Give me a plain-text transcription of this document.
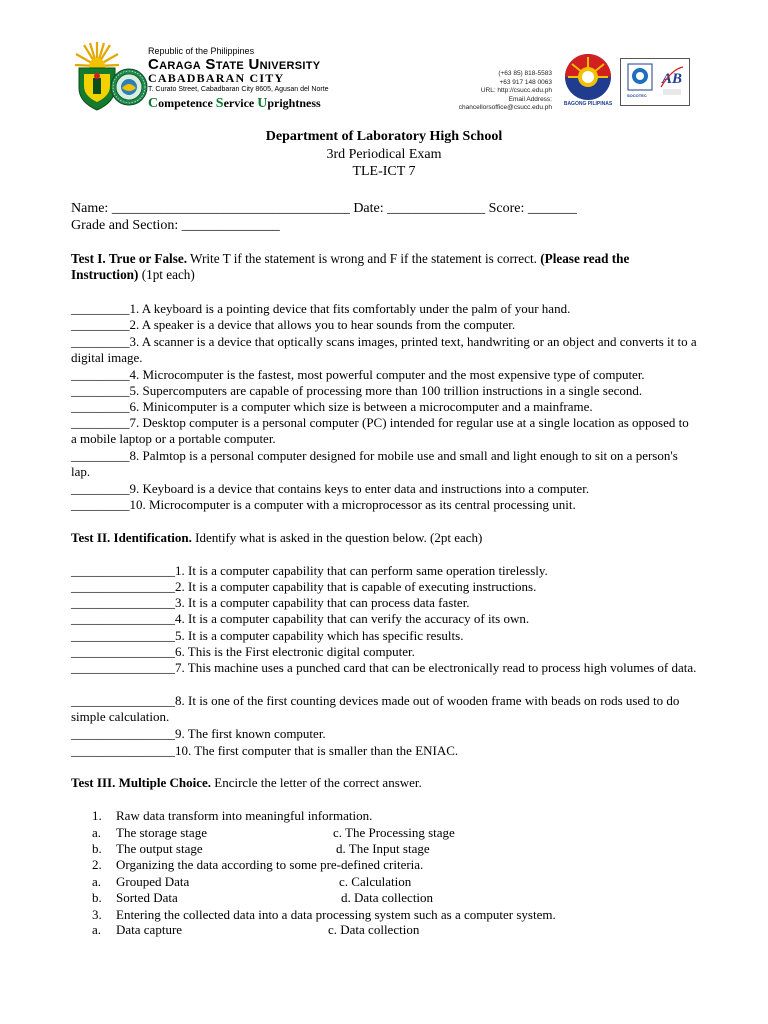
Republic of the Philippines
Caraga State University
CABADBARAN CITY
T. Curato Street, Cabadbaran City 8605, Agusan del Norte
Competence Service Uprightness
(+63 85) 818-5583
+63 917 148 0063
URL: http://csucc.edu.ph
Email Address: chancellorsoffice@csucc.edu.ph
BAGONG PILIPINAS
SOCOTEC
AB
Department of Laboratory High School
3rd Periodical Exam
TLE-ICT 7
Name: __________________________________ Date: ______________ Score: _______
Grade and Section: ______________
Test I. True or False. Write T if the statement is wrong and F if the statement is correct. (Please read the Instruction) (1pt each)
_________1. A keyboard is a pointing device that fits comfortably under the palm of your hand.
_________2. A speaker is a device that allows you to hear sounds from the computer.
_________3. A scanner is a device that optically scans images, printed text, handwriting or an object and converts it to a digital image.
_________4. Microcomputer is the fastest, most powerful computer and the most expensive type of computer.
_________5. Supercomputers are capable of processing more than 100 trillion instructions in a single second.
_________6. Minicomputer is a computer which size is between a microcomputer and a mainframe.
_________7. Desktop computer is a personal computer (PC) intended for regular use at a single location as opposed to a mobile laptop or a portable computer.
_________8. Palmtop is a personal computer designed for mobile use and small and light enough to sit on a person's lap.
_________9. Keyboard is a device that contains keys to enter data and instructions into a computer.
_________10. Microcomputer is a computer with a microprocessor as its central processing unit.
Test II. Identification. Identify what is asked in the question below. (2pt each)
________________1. It is a computer capability that can perform same operation tirelessly.
________________2. It is a computer capability that is capable of executing instructions.
________________3. It is a computer capability that can process data faster.
________________4. It is a computer capability that can verify the accuracy of its own.
________________5. It is a computer capability which has specific results.
________________6. This is the First electronic digital computer.
________________7. This machine uses a punched card that can be electronically read to process high volumes of data.
________________8. It is one of the first counting devices made out of wooden frame with beads on rods used to do simple calculation.
________________9. The first known computer.
________________10. The first computer that is smaller than the ENIAC.
Test III. Multiple Choice. Encircle the letter of the correct answer.
1. Raw data transform into meaningful information.
a. The storage stage	c. The Processing stage
b. The output stage	d. The Input stage
2. Organizing the data according to some pre-defined criteria.
a. Grouped Data	c. Calculation
b. Sorted Data	d. Data collection
3. Entering the collected data into a data processing system such as a computer system.
a. Data capture	c. Data collection
